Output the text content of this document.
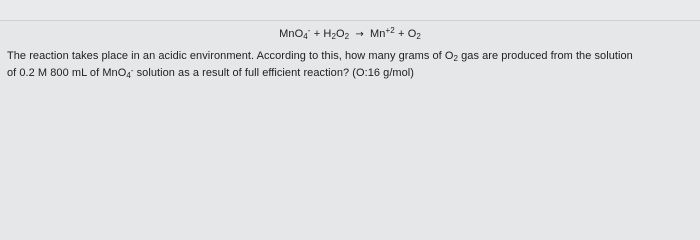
$MnO_4^- + H_2O_2 \to Mn^{+2} + O_2$
The reaction takes place in an acidic environment. According to this, how many grams of $O_2$ gas are produced from the solution
of 0.2 M 800 mL of MnO$_4$- solution as a result of full efficient reaction? (O:16 g/mol)
